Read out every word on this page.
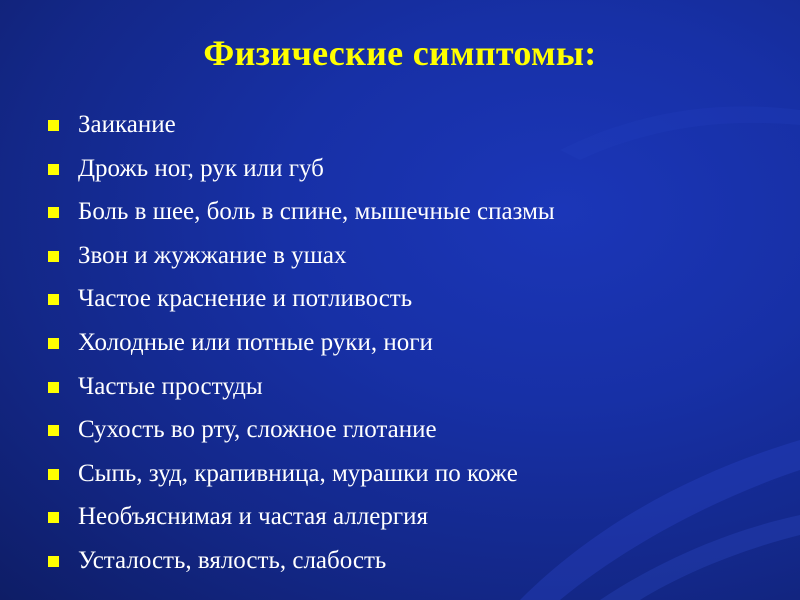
Физические симптомы:
Заикание
Дрожь ног, рук или губ
Боль в шее, боль в спине, мышечные спазмы
Звон и жужжание в ушах
Частое краснение и потливость
Холодные или потные руки, ноги
Частые простуды
Сухость во рту, сложное глотание
Сыпь, зуд, крапивница, мурашки по коже
Необъяснимая и частая аллергия
Усталость, вялость, слабость
